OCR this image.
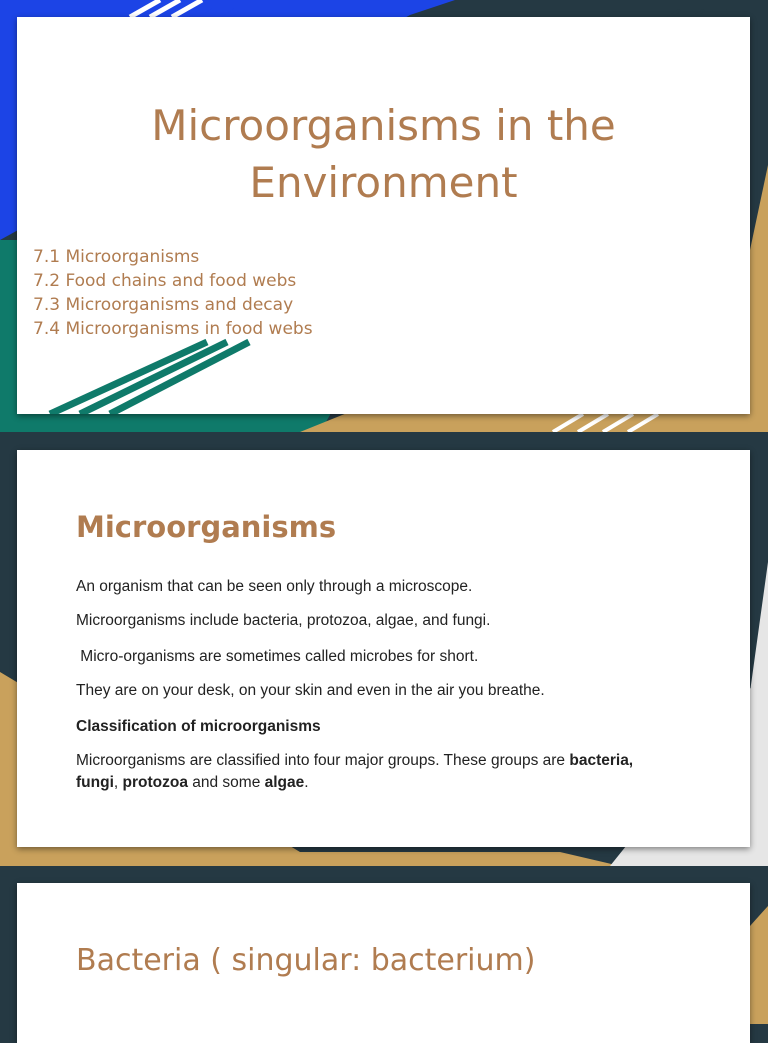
Microorganisms in the
Environment
7.1 Microorganisms
7.2 Food chains and food webs
7.3 Microorganisms and decay
7.4 Microorganisms in food webs
Microorganisms

An organism that can be seen only through a microscope.

Microorganisms include bacteria, protozoa, algae, and fungi.

Micro-organisms are sometimes called microbes for short.

They are on your desk, on your skin and even in the air you breathe.

Classification of microorganisms

Microorganisms are classified into four major groups. These groups are bacteria, fungi, protozoa and some algae.

Bacteria ( singular: bacterium)
